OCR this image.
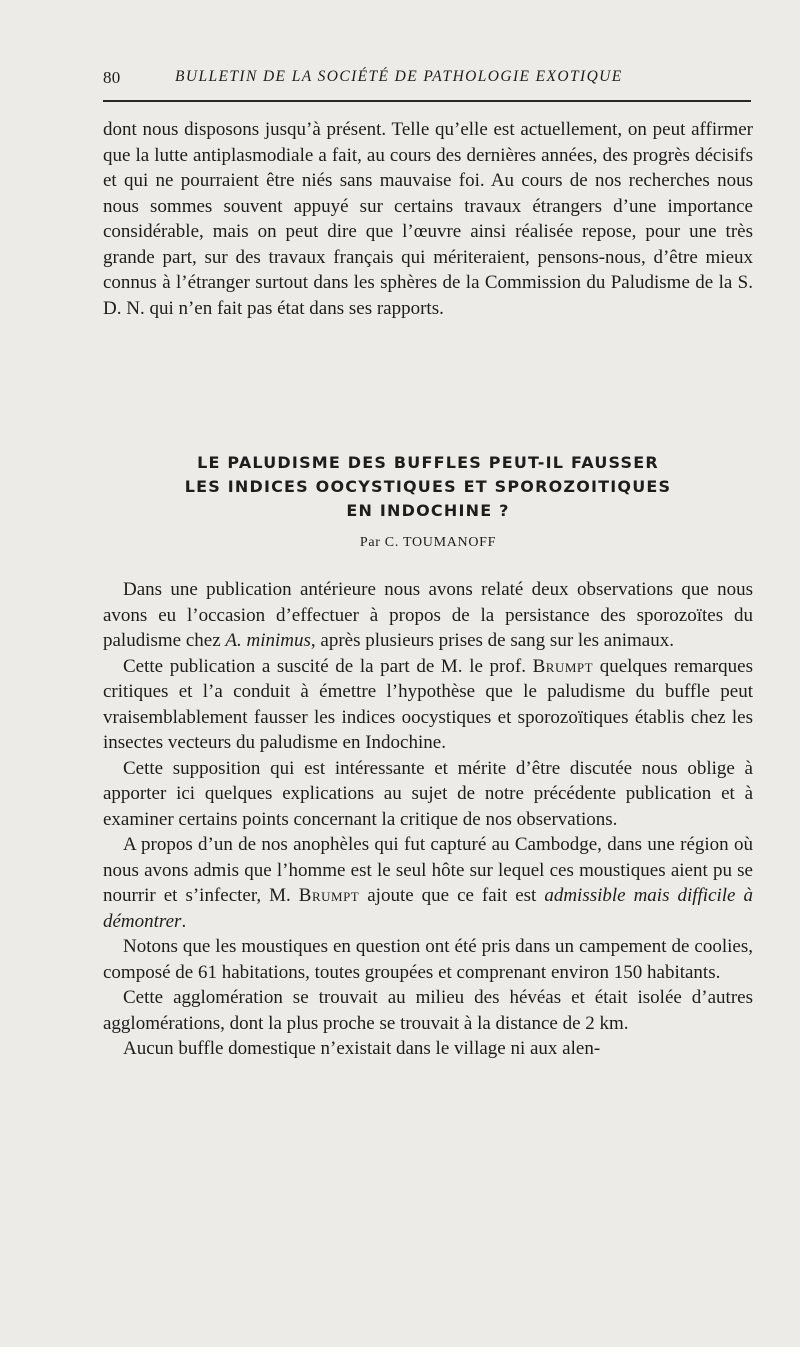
80	BULLETIN DE LA SOCIÉTÉ DE PATHOLOGIE EXOTIQUE

dont nous disposons jusqu’à présent. Telle qu’elle est actuellement, on peut affirmer que la lutte antiplasmodiale a fait, au cours des dernières années, des progrès décisifs et qui ne pourraient être niés sans mauvaise foi. Au cours de nos recherches nous nous sommes souvent appuyé sur certains travaux étrangers d’une importance considérable, mais on peut dire que l’œuvre ainsi réalisée repose, pour une très grande part, sur des travaux français qui mériteraient, pensons-nous, d’être mieux connus à l’étranger surtout dans les sphères de la Commission du Paludisme de la S. D. N. qui n’en fait pas état dans ses rapports.

LE PALUDISME DES BUFFLES PEUT-IL FAUSSER
LES INDICES OOCYSTIQUES ET SPOROZOITIQUES
EN INDOCHINE ?
Par C. TOUMANOFF

Dans une publication antérieure nous avons relaté deux observations que nous avons eu l’occasion d’effectuer à propos de la persistance des sporozoïtes du paludisme chez A. minimus, après plusieurs prises de sang sur les animaux.

Cette publication a suscité de la part de M. le prof. Brumpt quelques remarques critiques et l’a conduit à émettre l’hypothèse que le paludisme du buffle peut vraisemblablement fausser les indices oocystiques et sporozoïtiques établis chez les insectes vecteurs du paludisme en Indochine.

Cette supposition qui est intéressante et mérite d’être discutée nous oblige à apporter ici quelques explications au sujet de notre précédente publication et à examiner certains points concernant la critique de nos observations.

A propos d’un de nos anophèles qui fut capturé au Cambodge, dans une région où nous avons admis que l’homme est le seul hôte sur lequel ces moustiques aient pu se nourrir et s’infecter, M. Brumpt ajoute que ce fait est admissible mais difficile à démontrer.

Notons que les moustiques en question ont été pris dans un campement de coolies, composé de 61 habitations, toutes groupées et comprenant environ 150 habitants.

Cette agglomération se trouvait au milieu des hévéas et était isolée d’autres agglomérations, dont la plus proche se trouvait à la distance de 2 km.

Aucun buffle domestique n’existait dans le village ni aux alen-
